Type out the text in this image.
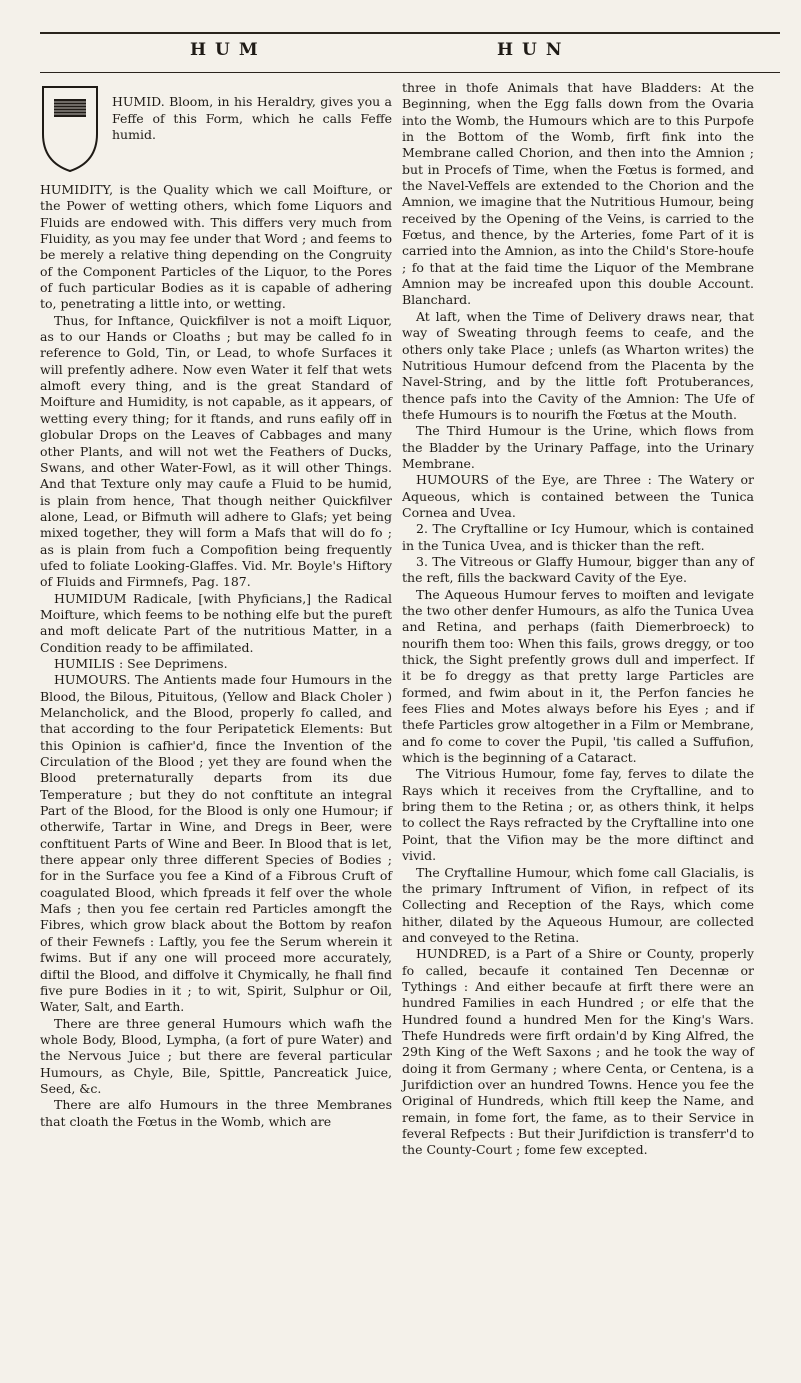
HUM	HUN
HUMID. Bloom, in his Heraldry, gives you a Feffe of this Form, which he calls Feffe humid.

HUMIDITY, is the Quality which we call Moifture, or the Power of wetting others, which fome Liquors and Fluids are endowed with. This differs very much from Fluidity, as you may fee under that Word ; and feems to be merely a relative thing depending on the Congruity of the Component Particles of the Liquor, to the Pores of fuch particular Bodies as it is capable of adhering to, penetrating a little into, or wetting.

Thus, for Inftance, Quickfilver is not a moift Liquor, as to our Hands or Cloaths ; but may be called fo in reference to Gold, Tin, or Lead, to whofe Surfaces it will prefently adhere. Now even Water it felf that wets almoft every thing, and is the great Standard of Moifture and Humidity, is not capable, as it appears, of wetting every thing; for it ftands, and runs eafily off in globular Drops on the Leaves of Cabbages and many other Plants, and will not wet the Feathers of Ducks, Swans, and other Water-Fowl, as it will other Things. And that Texture only may caufe a Fluid to be humid, is plain from hence, That though neither Quickfilver alone, Lead, or Bifmuth will adhere to Glafs; yet being mixed together, they will form a Mafs that will do fo ; as is plain from fuch a Compofition being frequently ufed to foliate Looking-Glaffes. Vid. Mr. Boyle's Hiftory of Fluids and Firmnefs, Pag. 187.

HUMIDUM Radicale, [with Phyficians,] the Radical Moifture, which feems to be nothing elfe but the pureft and moft delicate Part of the nutritious Matter, in a Condition ready to be affimilated.

HUMILIS : See Deprimens.

HUMOURS. The Antients made four Humours in the Blood, the Bilous, Pituitous, (Yellow and Black Choler ) Melancholick, and the Blood, properly fo called, and that according to the four Peripatetick Elements: But this Opinion is cafhier'd, fince the Invention of the Circulation of the Blood ; yet they are found when the Blood preternaturally departs from its due Temperature ; but they do not conftitute an integral Part of the Blood, for the Blood is only one Humour; if otherwife, Tartar in Wine, and Dregs in Beer, were conftituent Parts of Wine and Beer. In Blood that is let, there appear only three different Species of Bodies ; for in the Surface you fee a Kind of a Fibrous Cruft of coagulated Blood, which fpreads it felf over the whole Mafs ; then you fee certain red Particles amongft the Fibres, which grow black about the Bottom by reafon of their Fewnefs : Laftly, you fee the Serum wherein it fwims. But if any one will proceed more accurately, diftil the Blood, and diffolve it Chymically, he fhall find five pure Bodies in it ; to wit, Spirit, Sulphur or Oil, Water, Salt, and Earth.

There are three general Humours which wafh the whole Body, Blood, Lympha, (a fort of pure Water) and the Nervous Juice ; but there are feveral particular Humours, as Chyle, Bile, Spittle, Pancreatick Juice, Seed, &c.

There are alfo Humours in the three Membranes that cloath the Fœtus in the Womb, which are

three in thofe Animals that have Bladders: At the Beginning, when the Egg falls down from the Ovaria into the Womb, the Humours which are to this Purpofe in the Bottom of the Womb, firft fink into the Membrane called Chorion, and then into the Amnion ; but in Procefs of Time, when the Fœtus is formed, and the Navel-Veffels are extended to the Chorion and the Amnion, we imagine that the Nutritious Humour, being received by the Opening of the Veins, is carried to the Fœtus, and thence, by the Arteries, fome Part of it is carried into the Amnion, as into the Child's Store-houfe ; fo that at the faid time the Liquor of the Membrane Amnion may be increafed upon this double Account. Blanchard.

At laft, when the Time of Delivery draws near, that way of Sweating through feems to ceafe, and the others only take Place ; unlefs (as Wharton writes) the Nutritious Humour defcend from the Placenta by the Navel-String, and by the little foft Protuberances, thence pafs into the Cavity of the Amnion: The Ufe of thefe Humours is to nourifh the Fœtus at the Mouth.

The Third Humour is the Urine, which flows from the Bladder by the Urinary Paffage, into the Urinary Membrane.

HUMOURS of the Eye, are Three : The Watery or Aqueous, which is contained between the Tunica Cornea and Uvea.

2. The Cryftalline or Icy Humour, which is contained in the Tunica Uvea, and is thicker than the reft.

3. The Vitreous or Glaffy Humour, bigger than any of the reft, fills the backward Cavity of the Eye.

The Aqueous Humour ferves to moiften and levigate the two other denfer Humours, as alfo the Tunica Uvea and Retina, and perhaps (faith Diemerbroeck) to nourifh them too: When this fails, grows dreggy, or too thick, the Sight prefently grows dull and imperfect. If it be fo dreggy as that pretty large Particles are formed, and fwim about in it, the Perfon fancies he fees Flies and Motes always before his Eyes ; and if thefe Particles grow altogether in a Film or Membrane, and fo come to cover the Pupil, 'tis called a Suffufion, which is the beginning of a Cataract.

The Vitrious Humour, fome fay, ferves to dilate the Rays which it receives from the Cryftalline, and to bring them to the Retina ; or, as others think, it helps to collect the Rays refracted by the Cryftalline into one Point, that the Vifion may be the more diftinct and vivid.

The Cryftalline Humour, which fome call Glacialis, is the primary Inftrument of Vifion, in refpect of its Collecting and Reception of the Rays, which come hither, dilated by the Aqueous Humour, are collected and conveyed to the Retina.

HUNDRED, is a Part of a Shire or County, properly fo called, becaufe it contained Ten Decennæ or Tythings : And either becaufe at firft there were an hundred Families in each Hundred ; or elfe that the Hundred found a hundred Men for the King's Wars. Thefe Hundreds were firft ordain'd by King Alfred, the 29th King of the Weft Saxons ; and he took the way of doing it from Germany ; where Centa, or Centena, is a Jurifdiction over an hundred Towns. Hence you fee the Original of Hundreds, which ftill keep the Name, and remain, in fome fort, the fame, as to their Service in feveral Refpects : But their Jurifdiction is transferr'd to the County-Court ; fome few excepted.
